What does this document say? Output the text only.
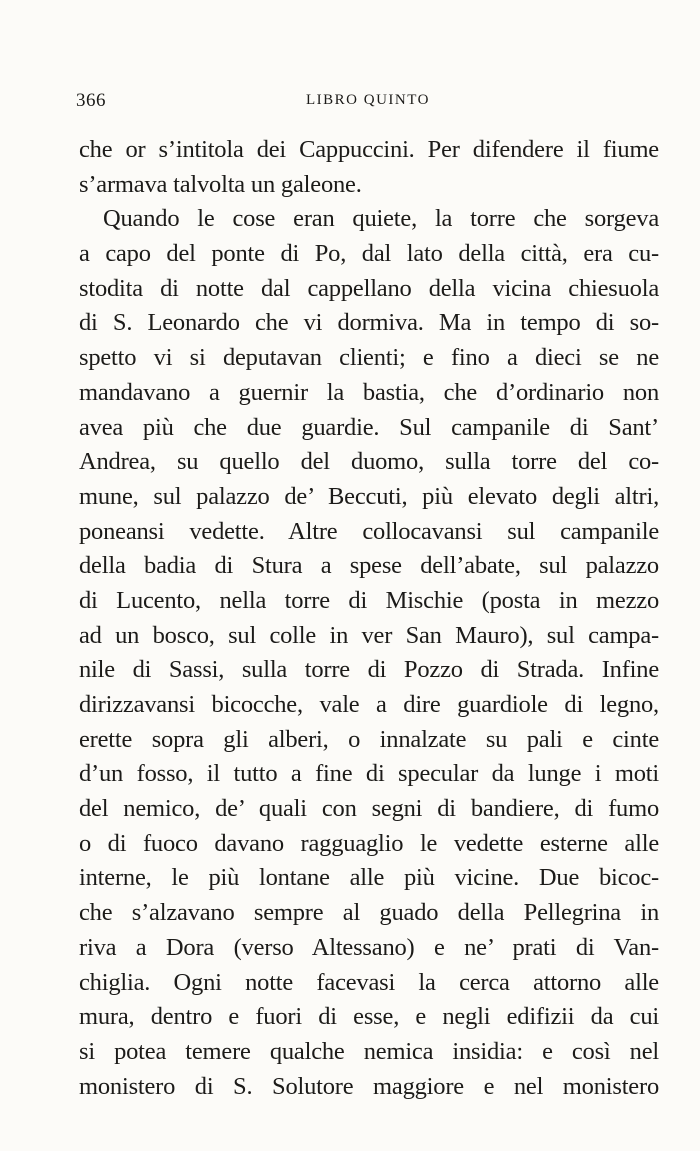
366	LIBRO QUINTO
che or s’intitola dei Cappuccini. Per difendere il fiume
s’armava talvolta un galeone.
Quando le cose eran quiete, la torre che sorgeva
a capo del ponte di Po, dal lato della città, era cu-
stodita di notte dal cappellano della vicina chiesuola
di S. Leonardo che vi dormiva. Ma in tempo di so-
spetto vi si deputavan clienti; e fino a dieci se ne
mandavano a guernir la bastia, che d’ordinario non
avea più che due guardie. Sul campanile di Sant’
Andrea, su quello del duomo, sulla torre del co-
mune, sul palazzo de’ Beccuti, più elevato degli altri,
poneansi vedette. Altre collocavansi sul campanile
della badia di Stura a spese dell’abate, sul palazzo
di Lucento, nella torre di Mischie (posta in mezzo
ad un bosco, sul colle in ver San Mauro), sul campa-
nile di Sassi, sulla torre di Pozzo di Strada. Infine
dirizzavansi bicocche, vale a dire guardiole di legno,
erette sopra gli alberi, o innalzate su pali e cinte
d’un fosso, il tutto a fine di specular da lunge i moti
del nemico, de’ quali con segni di bandiere, di fumo
o di fuoco davano ragguaglio le vedette esterne alle
interne, le più lontane alle più vicine. Due bicoc-
che s’alzavano sempre al guado della Pellegrina in
riva a Dora (verso Altessano) e ne’ prati di Van-
chiglia. Ogni notte facevasi la cerca attorno alle
mura, dentro e fuori di esse, e negli edifizii da cui
si potea temere qualche nemica insidia: e così nel
monistero di S. Solutore maggiore e nel monistero
